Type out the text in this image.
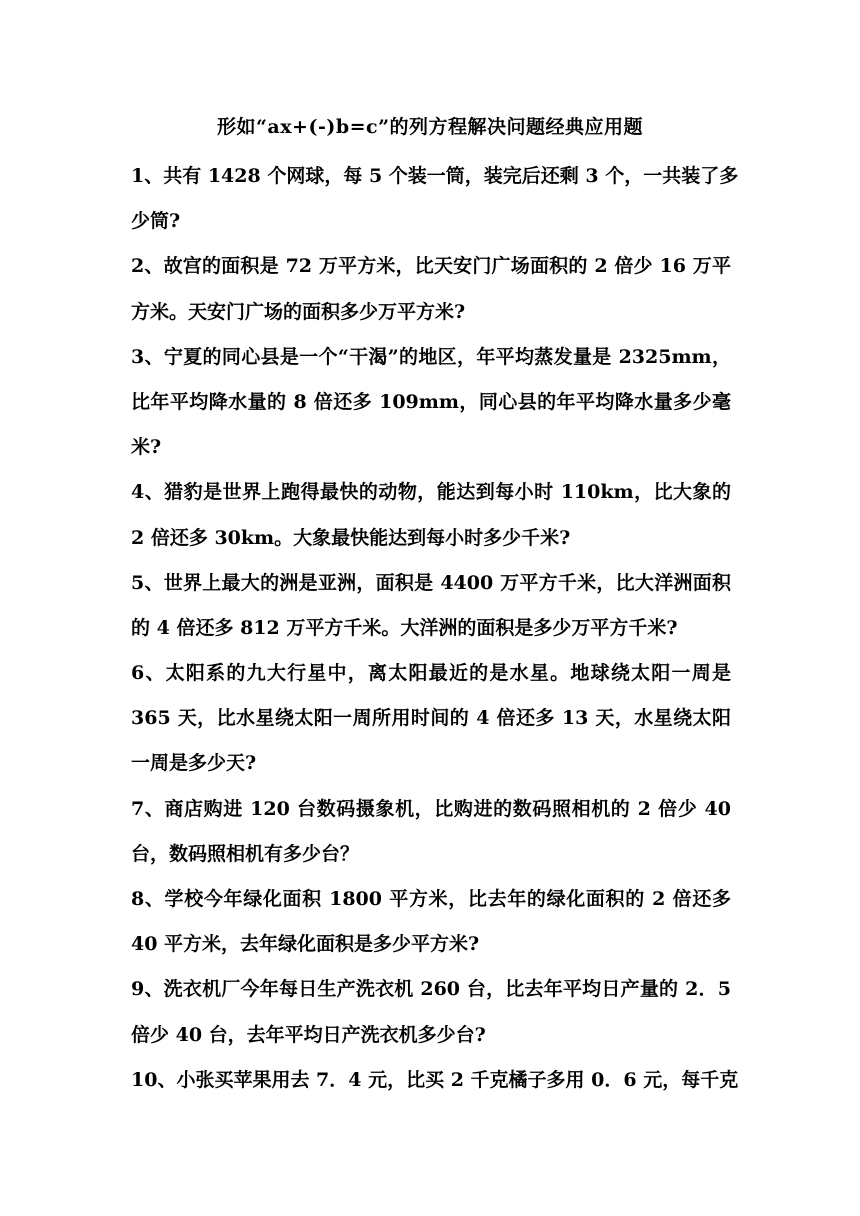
形如“ax+(-)b=c”的列方程解决问题经典应用题
1、共有 1428 个网球，每 5 个装一筒，装完后还剩 3 个，一共装了多
少筒?
2、故宫的面积是 72 万平方米，比天安门广场面积的 2 倍少 16 万平
方米。天安门广场的面积多少万平方米?
3、宁夏的同心县是一个“干渴”的地区，年平均蒸发量是 2325mm，
比年平均降水量的 8 倍还多 109mm，同心县的年平均降水量多少毫
米?
4、猎豹是世界上跑得最快的动物，能达到每小时 110km，比大象的
2 倍还多 30km。大象最快能达到每小时多少千米?
5、世界上最大的洲是亚洲，面积是 4400 万平方千米，比大洋洲面积
的 4 倍还多 812 万平方千米。大洋洲的面积是多少万平方千米?
6、太阳系的九大行星中，离太阳最近的是水星。地球绕太阳一周是
365 天，比水星绕太阳一周所用时间的 4 倍还多 13 天，水星绕太阳
一周是多少天?
7、商店购进 120 台数码摄象机，比购进的数码照相机的 2 倍少 40
台，数码照相机有多少台？
8、学校今年绿化面积 1800 平方米，比去年的绿化面积的 2 倍还多
40 平方米，去年绿化面积是多少平方米?
9、洗衣机厂今年每日生产洗衣机 260 台，比去年平均日产量的 2．5
倍少 40 台，去年平均日产洗衣机多少台?
10、小张买苹果用去 7．4 元，比买 2 千克橘子多用 0．6 元，每千克
